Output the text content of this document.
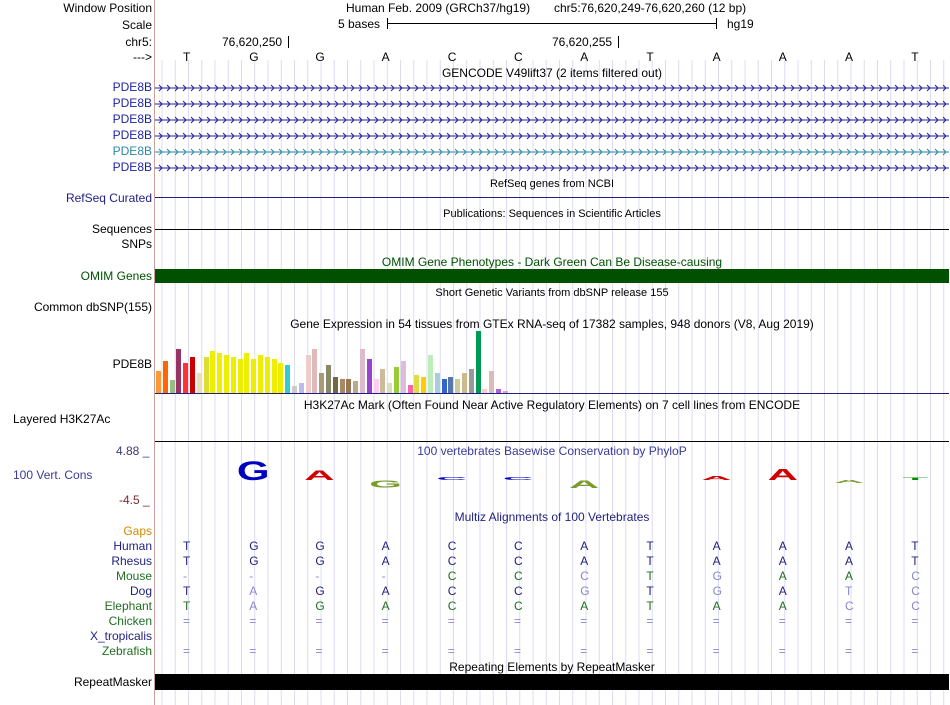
Window Position	Human Feb. 2009 (GRCh37/hg19) chr5:76,620,249-76,620,260 (12 bp)
Scale	5 bases	hg19
chr5:	76,620,250	76,620,255
--->	T	G	G	A	C	C	A	T	A	A	A	T
GENCODE V49lift37 (2 items filtered out)
PDE8B
PDE8B
PDE8B
PDE8B
PDE8B
PDE8B
RefSeq genes from NCBI
RefSeq Curated
Publications: Sequences in Scientific Articles
Sequences
SNPs
OMIM Gene Phenotypes - Dark Green Can Be Disease-causing
OMIM Genes
Short Genetic Variants from dbSNP release 155
Common dbSNP(155)
Gene Expression in 54 tissues from GTEx RNA-seq of 17382 samples, 948 donors (V8, Aug 2019)
PDE8B
H3K27Ac Mark (Often Found Near Active Regulatory Elements) on 7 cell lines from ENCODE
Layered H3K27Ac
100 vertebrates Basewise Conservation by PhyloP
4.88 _
100 Vert. Cons
-4.5 _
G A
G C	C	A	A	A	A
T
Multiz Alignments of 100 Vertebrates
Gaps
Human	T	G	G	A	C	C	A	T	A	A	A	T
Rhesus	T	G	G	A	C	C	A	T	A	A	A	T
Mouse	-	-	-	-	C	C	C	T	G	A	A	C
Dog	T	A	G	A	C	C	G	T	G	A	T	C
Elephant	T	A	G	A	C	C	A	T	A	A	C	C
Chicken	=	=	=	=	=	=	=	=	=	=	=	=
X_tropicalis
Zebrafish	=	=	=	=	=	=	=	=	=	=	=	=
Repeating Elements by RepeatMasker
RepeatMasker
